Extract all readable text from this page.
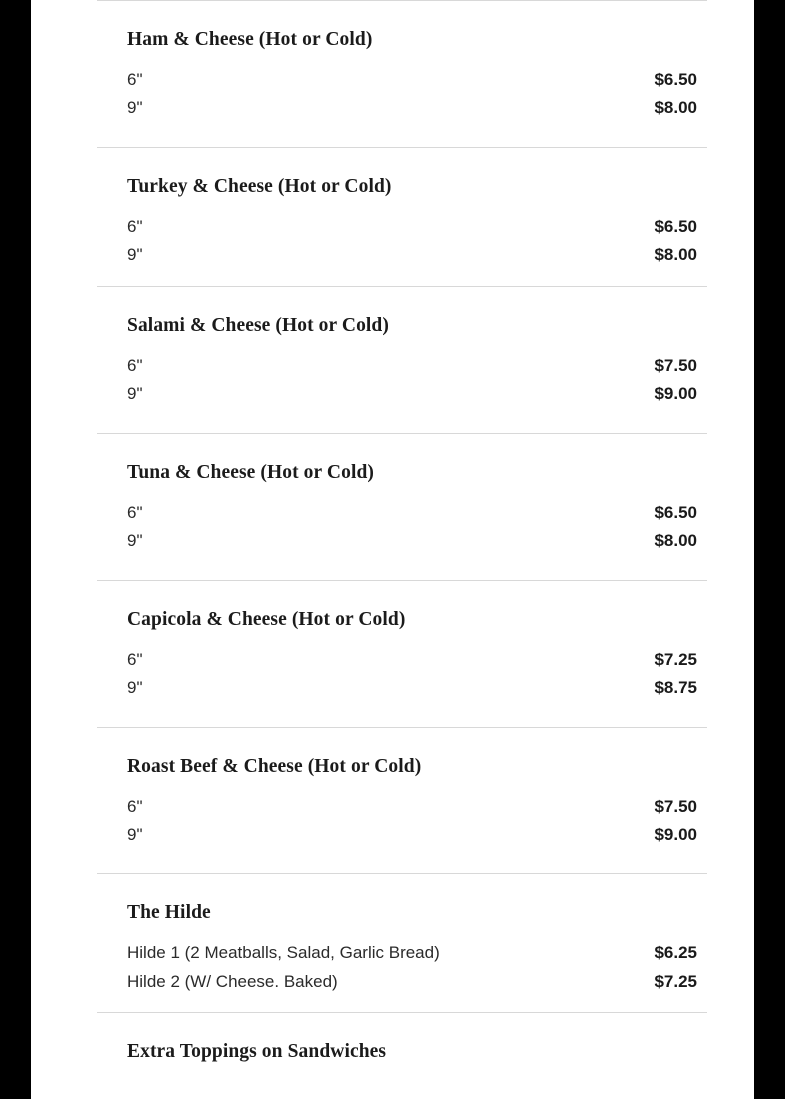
Ham & Cheese (Hot or Cold)
6"	$6.50
9"	$8.00
Turkey & Cheese (Hot or Cold)
6"	$6.50
9"	$8.00
Salami & Cheese (Hot or Cold)
6"	$7.50
9"	$9.00
Tuna & Cheese (Hot or Cold)
6"	$6.50
9"	$8.00
Capicola & Cheese (Hot or Cold)
6"	$7.25
9"	$8.75
Roast Beef & Cheese (Hot or Cold)
6"	$7.50
9"	$9.00
The Hilde
Hilde 1 (2 Meatballs, Salad, Garlic Bread)	$6.25
Hilde 2 (W/ Cheese. Baked)	$7.25
Extra Toppings on Sandwiches
